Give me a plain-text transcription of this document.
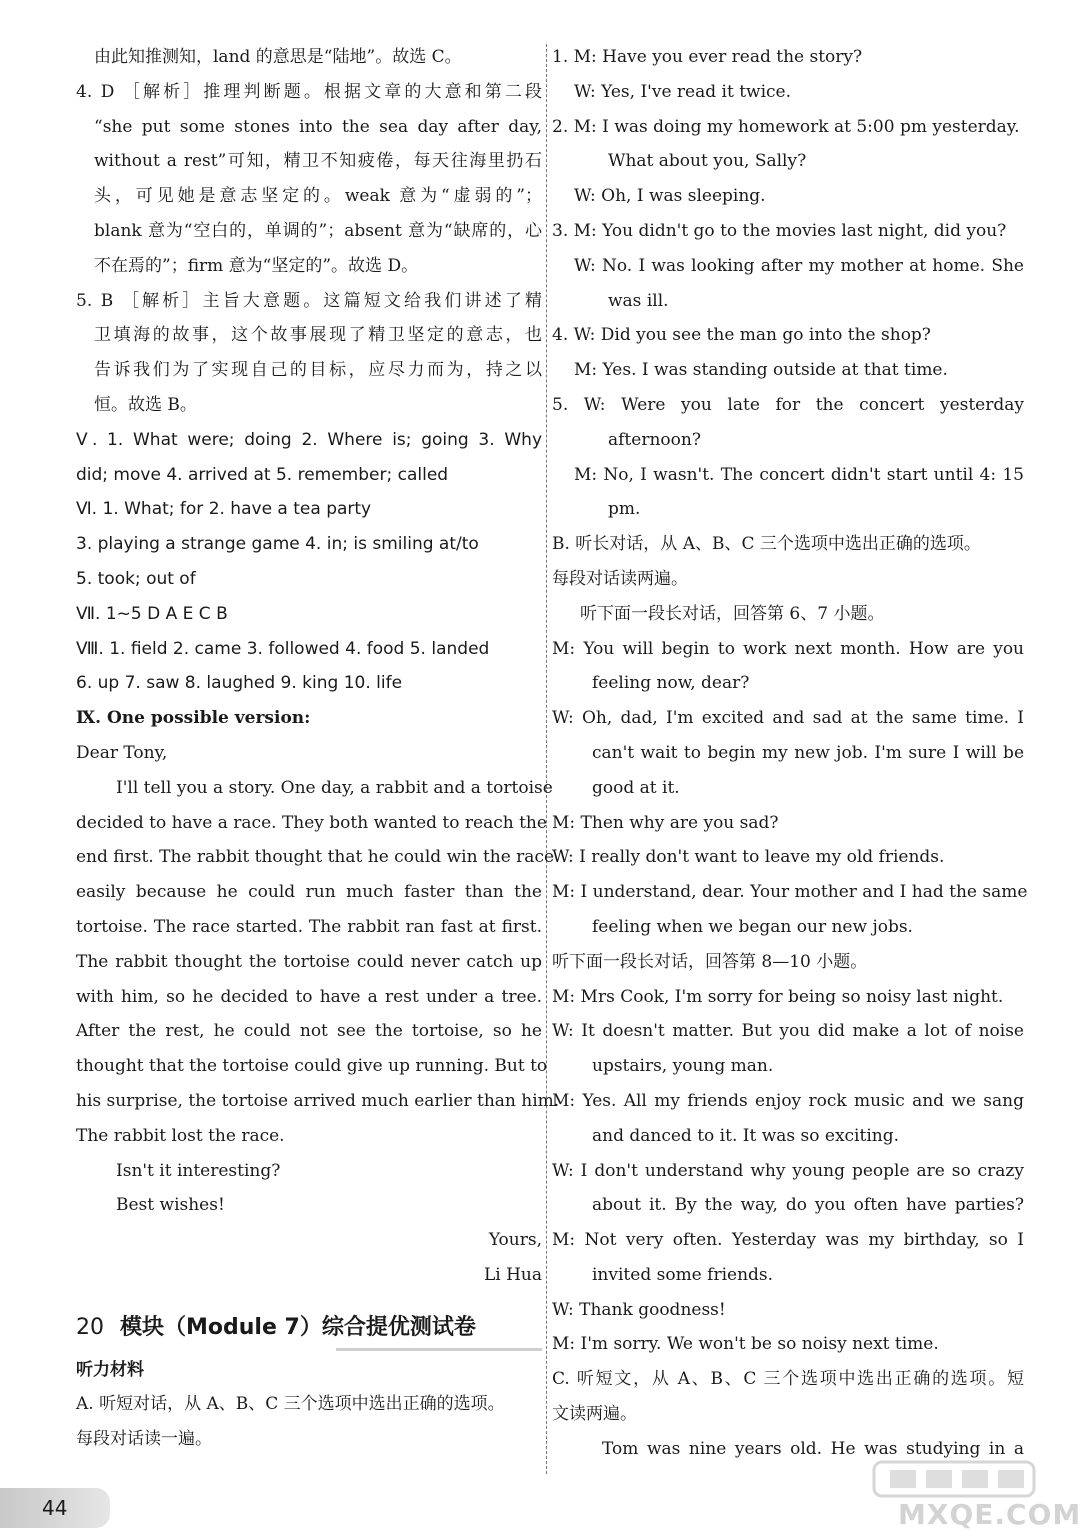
由此知推测知，land 的意思是“陆地”。故选 C。
4. D ［解析］推理判断题。根据文章的大意和第二段
“she put some stones into the sea day after day,
without a rest”可知，精卫不知疲倦，每天往海里扔石
头，可见她是意志坚定的。weak 意为“虚弱的”；
blank 意为“空白的，单调的”；absent 意为“缺席的，心
不在焉的”；firm 意为“坚定的”。故选 D。
5. B ［解析］主旨大意题。这篇短文给我们讲述了精
卫填海的故事，这个故事展现了精卫坚定的意志，也
告诉我们为了实现自己的目标，应尽力而为，持之以
恒。故选 B。
Ⅴ. 1. What were; doing 2. Where is; going 3. Why
did; move 4. arrived at 5. remember; called
Ⅵ. 1. What; for 2. have a tea party
3. playing a strange game 4. in; is smiling at/to
5. took; out of
Ⅶ. 1~5 D A E C B
Ⅷ. 1. field 2. came 3. followed 4. food 5. landed
6. up 7. saw 8. laughed 9. king 10. life
Ⅸ. One possible version:
Dear Tony,
I'll tell you a story. One day, a rabbit and a tortoise
decided to have a race. They both wanted to reach the
end first. The rabbit thought that he could win the race
easily because he could run much faster than the
tortoise. The race started. The rabbit ran fast at first.
The rabbit thought the tortoise could never catch up
with him, so he decided to have a rest under a tree.
After the rest, he could not see the tortoise, so he
thought that the tortoise could give up running. But to
his surprise, the tortoise arrived much earlier than him.
The rabbit lost the race.
Isn't it interesting?
Best wishes!
Yours,
Li Hua
20 模块（Module 7）综合提优测试卷
听力材料
A. 听短对话，从 A、B、C 三个选项中选出正确的选项。
每段对话读一遍。
1. M: Have you ever read the story?
W: Yes, I've read it twice.
2. M: I was doing my homework at 5:00 pm yesterday.
What about you, Sally?
W: Oh, I was sleeping.
3. M: You didn't go to the movies last night, did you?
W: No. I was looking after my mother at home. She
was ill.
4. W: Did you see the man go into the shop?
M: Yes. I was standing outside at that time.
5. W: Were you late for the concert yesterday
afternoon?
M: No, I wasn't. The concert didn't start until 4: 15
pm.
B. 听长对话，从 A、B、C 三个选项中选出正确的选项。
每段对话读两遍。
听下面一段长对话，回答第 6、7 小题。
M: You will begin to work next month. How are you
feeling now, dear?
W: Oh, dad, I'm excited and sad at the same time. I
can't wait to begin my new job. I'm sure I will be
good at it.
M: Then why are you sad?
W: I really don't want to leave my old friends.
M: I understand, dear. Your mother and I had the same
feeling when we began our new jobs.
听下面一段长对话，回答第 8—10 小题。
M: Mrs Cook, I'm sorry for being so noisy last night.
W: It doesn't matter. But you did make a lot of noise
upstairs, young man.
M: Yes. All my friends enjoy rock music and we sang
and danced to it. It was so exciting.
W: I don't understand why young people are so crazy
about it. By the way, do you often have parties?
M: Not very often. Yesterday was my birthday, so I
invited some friends.
W: Thank goodness!
M: I'm sorry. We won't be so noisy next time.
C. 听短文，从 A、B、C 三个选项中选出正确的选项。短
文读两遍。
Tom was nine years old. He was studying in a
44	MXQE.COM
